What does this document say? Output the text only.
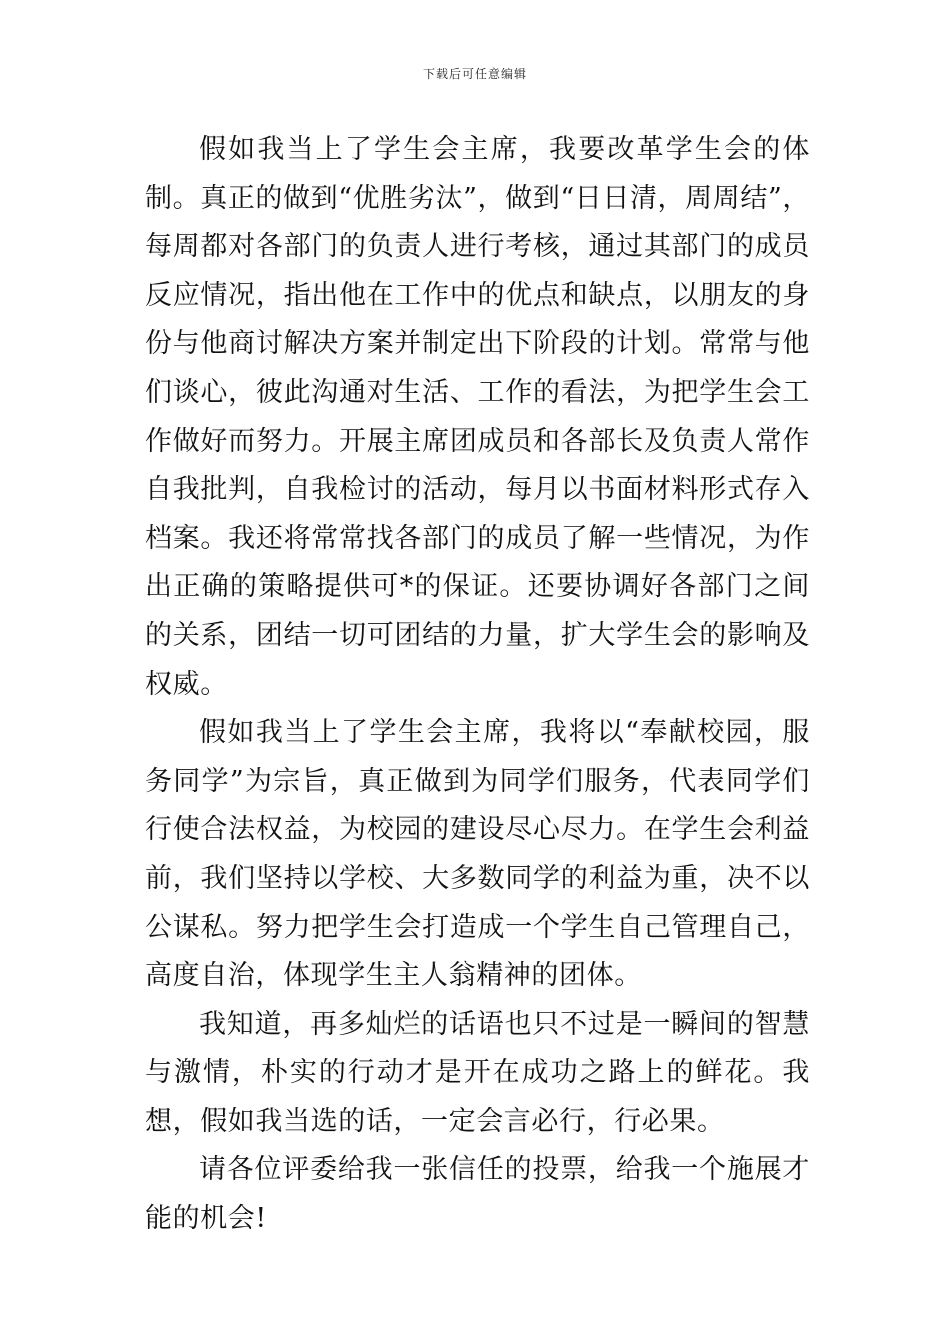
下载后可任意编辑

假如我当上了学生会主席，我要改革学生会的体制。真正的做到“优胜劣汰”，做到“日日清，周周结”，每周都对各部门的负责人进行考核，通过其部门的成员反应情况，指出他在工作中的优点和缺点，以朋友的身份与他商讨解决方案并制定出下阶段的计划。常常与他们谈心，彼此沟通对生活、工作的看法，为把学生会工作做好而努力。开展主席团成员和各部长及负责人常作自我批判，自我检讨的活动，每月以书面材料形式存入档案。我还将常常找各部门的成员了解一些情况，为作出正确的策略提供可*的保证。还要协调好各部门之间的关系，团结一切可团结的力量，扩大学生会的影响及权威。

假如我当上了学生会主席，我将以“奉献校园，服务同学”为宗旨，真正做到为同学们服务，代表同学们行使合法权益，为校园的建设尽心尽力。在学生会利益前，我们坚持以学校、大多数同学的利益为重，决不以公谋私。努力把学生会打造成一个学生自己管理自己，高度自治，体现学生主人翁精神的团体。

我知道，再多灿烂的话语也只不过是一瞬间的智慧与激情，朴实的行动才是开在成功之路上的鲜花。我想，假如我当选的话，一定会言必行，行必果。

请各位评委给我一张信任的投票，给我一个施展才能的机会!
